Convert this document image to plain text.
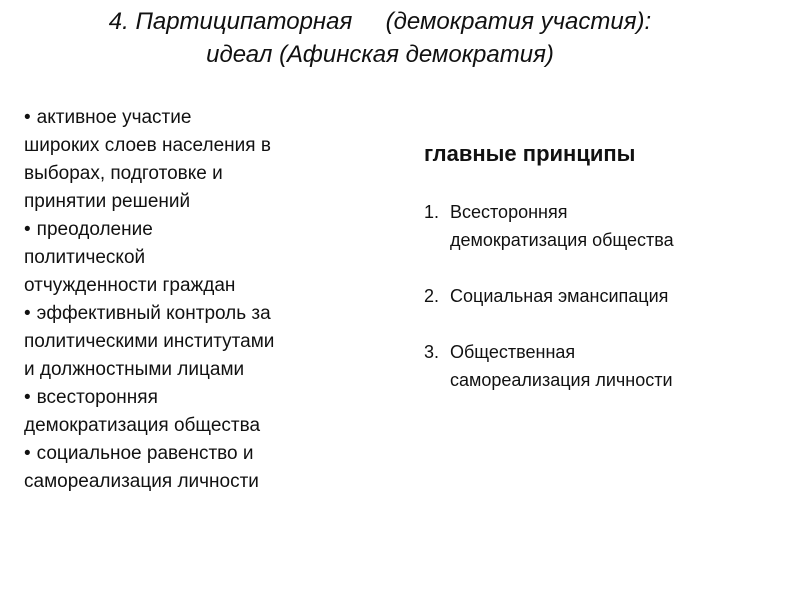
4. Партиципаторная     (демократия участия):
идеал (Афинская демократия)
• активное участие
широких слоев населения в
выборах, подготовке и
принятии решений
• преодоление
политической
отчужденности граждан
• эффективный контроль за
политическими институтами
и должностными лицами
• всесторонняя
демократизация общества
• социальное равенство и
самореализация личности
главные принципы
1. Всесторонняя
демократизация общества
2. Социальная эмансипация
3. Общественная
самореализация личности
